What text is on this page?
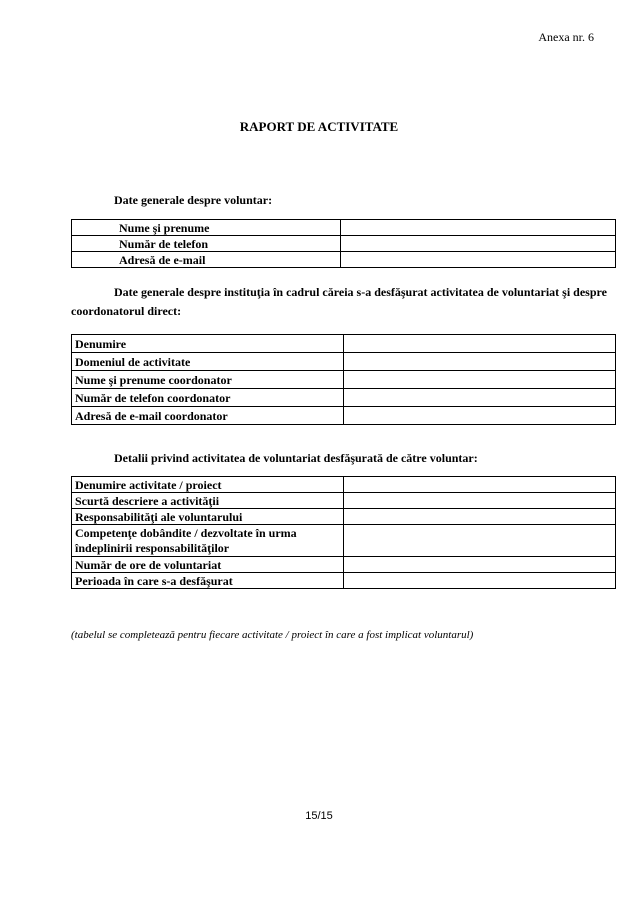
Anexa nr. 6
RAPORT DE ACTIVITATE
Date generale despre voluntar:
Nume şi prenume	
Număr de telefon	
Adresă de e-mail	
Date generale despre instituţia în cadrul căreia s-a desfăşurat activitatea de voluntariat şi despre coordonatorul direct:
Denumire	
Domeniul de activitate	
Nume şi prenume coordonator	
Număr de telefon coordonator	
Adresă de e-mail coordonator	
Detalii privind activitatea de voluntariat desfăşurată de către voluntar:
Denumire activitate / proiect	
Scurtă descriere a activităţii	
Responsabilităţi ale voluntarului	
Competenţe dobândite / dezvoltate în urma îndeplinirii responsabilităţilor	
Număr de ore de voluntariat	
Perioada în care s-a desfăşurat	
(tabelul se completează pentru fiecare activitate / proiect în care a fost implicat voluntarul)
15/15
